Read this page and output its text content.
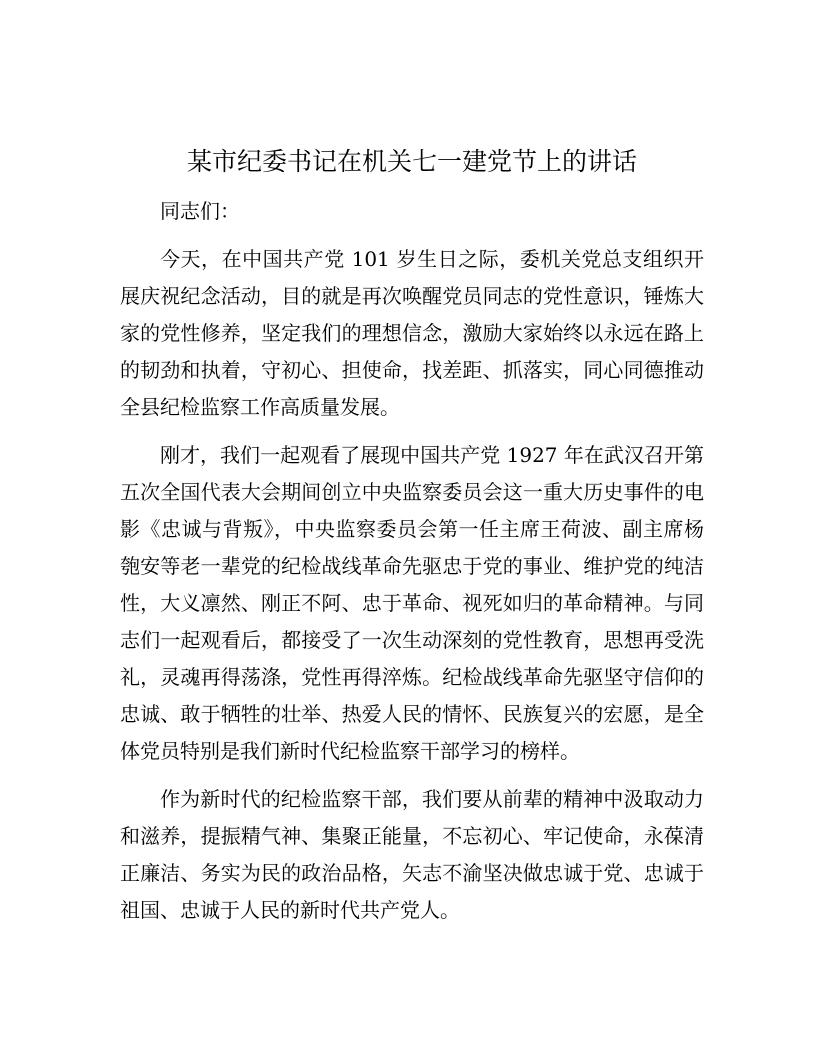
某市纪委书记在机关七一建党节上的讲话

同志们：

今天，在中国共产党 101 岁生日之际，委机关党总支组织开展庆祝纪念活动，目的就是再次唤醒党员同志的党性意识，锤炼大家的党性修养，坚定我们的理想信念，激励大家始终以永远在路上的韧劲和执着，守初心、担使命，找差距、抓落实，同心同德推动全县纪检监察工作高质量发展。

刚才，我们一起观看了展现中国共产党 1927 年在武汉召开第五次全国代表大会期间创立中央监察委员会这一重大历史事件的电影《忠诚与背叛》，中央监察委员会第一任主席王荷波、副主席杨匏安等老一辈党的纪检战线革命先驱忠于党的事业、维护党的纯洁性，大义凛然、刚正不阿、忠于革命、视死如归的革命精神。与同志们一起观看后，都接受了一次生动深刻的党性教育，思想再受洗礼，灵魂再得荡涤，党性再得淬炼。纪检战线革命先驱坚守信仰的忠诚、敢于牺牲的壮举、热爱人民的情怀、民族复兴的宏愿，是全体党员特别是我们新时代纪检监察干部学习的榜样。

作为新时代的纪检监察干部，我们要从前辈的精神中汲取动力和滋养，提振精气神、集聚正能量，不忘初心、牢记使命，永葆清正廉洁、务实为民的政治品格，矢志不渝坚决做忠诚于党、忠诚于祖国、忠诚于人民的新时代共产党人。
